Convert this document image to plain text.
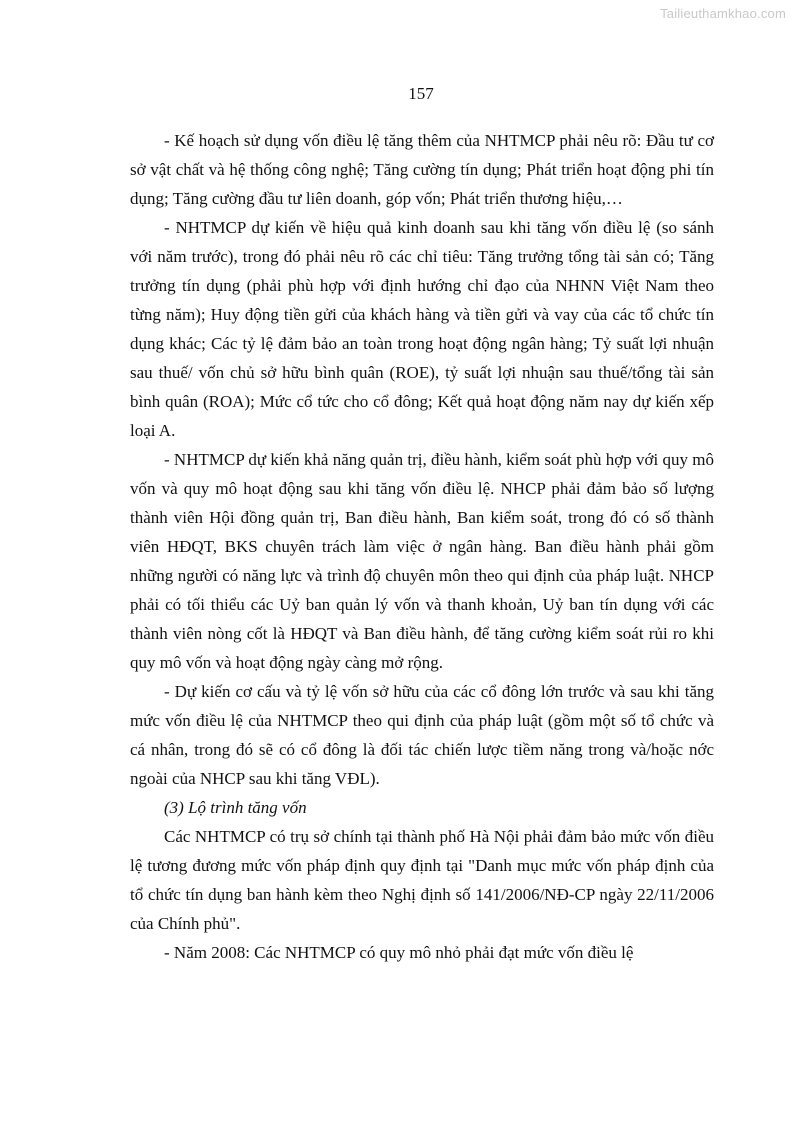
Tailieuthamkhao.com
157

- Kế hoạch sử dụng vốn điều lệ tăng thêm của NHTMCP phải nêu rõ: Đầu tư cơ sở vật chất và hệ thống công nghệ; Tăng cường tín dụng; Phát triển hoạt động phi tín dụng; Tăng cường đầu tư liên doanh, góp vốn; Phát triển thương hiệu,…

- NHTMCP dự kiến về hiệu quả kinh doanh sau khi tăng vốn điều lệ (so sánh với năm trước), trong đó phải nêu rõ các chỉ tiêu: Tăng trưởng tổng tài sản có; Tăng trưởng tín dụng (phải phù hợp với định hướng chỉ đạo của NHNN Việt Nam theo từng năm); Huy động tiền gửi của khách hàng và tiền gửi và vay của các tổ chức tín dụng khác; Các tỷ lệ đảm bảo an toàn trong hoạt động ngân hàng; Tỷ suất lợi nhuận sau thuế/ vốn chủ sở hữu bình quân (ROE), tỷ suất lợi nhuận sau thuế/tổng tài sản bình quân (ROA); Mức cổ tức cho cổ đông; Kết quả hoạt động năm nay dự kiến xếp loại A.

- NHTMCP dự kiến khả năng quản trị, điều hành, kiểm soát phù hợp với quy mô vốn và quy mô hoạt động sau khi tăng vốn điều lệ. NHCP phải đảm bảo số lượng thành viên Hội đồng quản trị, Ban điều hành, Ban kiểm soát, trong đó có số thành viên HĐQT, BKS chuyên trách làm việc ở ngân hàng. Ban điều hành phải gồm những người có năng lực và trình độ chuyên môn theo qui định của pháp luật. NHCP phải có tối thiểu các Uỷ ban quản lý vốn và thanh khoản, Uỷ ban tín dụng với các thành viên nòng cốt là HĐQT và Ban điều hành, để tăng cường kiểm soát rủi ro khi quy mô vốn và hoạt động ngày càng mở rộng.

- Dự kiến cơ cấu và tỷ lệ vốn sở hữu của các cổ đông lớn trước và sau khi tăng mức vốn điều lệ của NHTMCP theo qui định của pháp luật (gồm một số tổ chức và cá nhân, trong đó sẽ có cổ đông là đối tác chiến lược tiềm năng trong và/hoặc nớc ngoài của NHCP sau khi tăng VĐL).

(3) Lộ trình tăng vốn

Các NHTMCP có trụ sở chính tại thành phố Hà Nội phải đảm bảo mức vốn điều lệ tương đương mức vốn pháp định quy định tại "Danh mục mức vốn pháp định của tổ chức tín dụng ban hành kèm theo Nghị định số 141/2006/NĐ-CP ngày 22/11/2006 của Chính phủ".

- Năm 2008: Các NHTMCP có quy mô nhỏ phải đạt mức vốn điều lệ
